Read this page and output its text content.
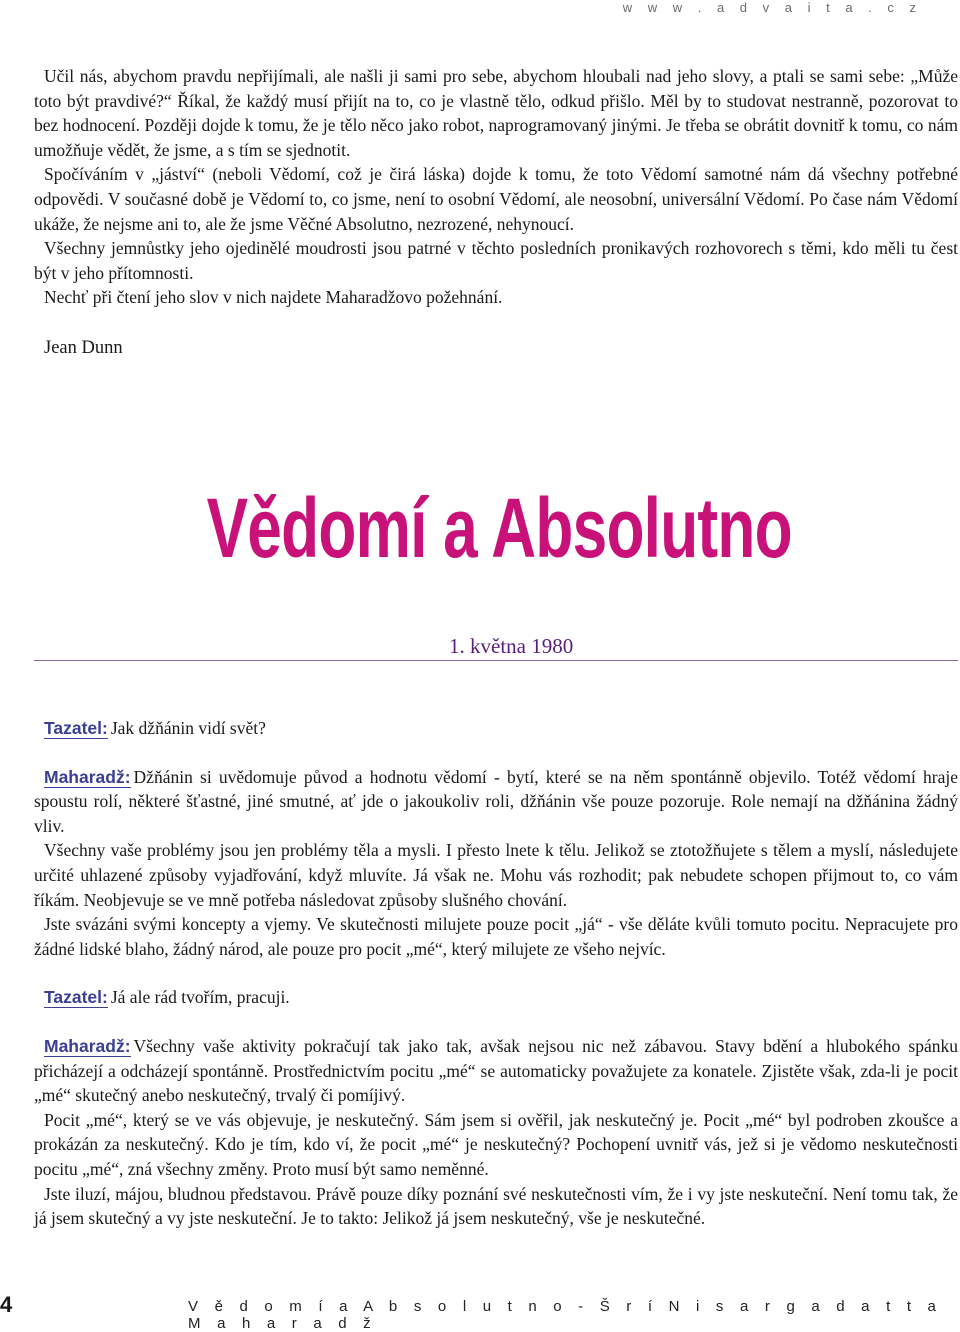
w w w . a d v a i t a . c z

Učil nás, abychom pravdu nepřijímali, ale našli ji sami pro sebe, abychom hloubali nad jeho slovy, a ptali se sami sebe: „Může toto být pravdivé?“ Říkal, že každý musí přijít na to, co je vlastně tělo, odkud přišlo. Měl by to studovat nestranně, pozorovat to bez hodnocení. Později dojde k tomu, že je tělo něco jako robot, naprogramovaný jinými. Je třeba se obrátit dovnitř k tomu, co nám umožňuje vědět, že jsme, a s tím se sjednotit.

Spočíváním v „jáství“ (neboli Vědomí, což je čirá láska) dojde k tomu, že toto Vědomí samotné nám dá všechny potřebné odpovědi. V současné době je Vědomí to, co jsme, není to osobní Vědomí, ale neosobní, universální Vědomí. Po čase nám Vědomí ukáže, že nejsme ani to, ale že jsme Věčné Absolutno, nezrozené, nehynoucí.

Všechny jemnůstky jeho ojedinělé moudrosti jsou patrné v těchto posledních pronikavých rozhovorech s těmi, kdo měli tu čest být v jeho přítomnosti.

Nechť při čtení jeho slov v nich najdete Maharadžovo požehnání.

Jean Dunn
Vědomí a Absolutno
1. května 1980

Tazatel: Jak džňánin vidí svět?

Maharadž: Džňánin si uvědomuje původ a hodnotu vědomí - bytí, které se na něm spontánně objevilo. Totéž vědomí hraje spoustu rolí, některé šťastné, jiné smutné, ať jde o jakoukoliv roli, džňánin vše pouze pozoruje. Role nemají na džňánina žádný vliv.

Všechny vaše problémy jsou jen problémy těla a mysli. I přesto lnete k tělu. Jelikož se ztotožňujete s tělem a myslí, následujete určité uhlazené způsoby vyjadřování, když mluvíte. Já však ne. Mohu vás rozhodit; pak nebudete schopen přijmout to, co vám říkám. Neobjevuje se ve mně potřeba následovat způsoby slušného chování.

Jste svázáni svými koncepty a vjemy. Ve skutečnosti milujete pouze pocit „já“ - vše děláte kvůli tomuto pocitu. Nepracujete pro žádné lidské blaho, žádný národ, ale pouze pro pocit „mé“, který milujete ze všeho nejvíc.

Tazatel: Já ale rád tvořím, pracuji.

Maharadž: Všechny vaše aktivity pokračují tak jako tak, avšak nejsou nic než zábavou. Stavy bdění a hlubokého spánku přicházejí a odcházejí spontánně. Prostřednictvím pocitu „mé“ se automaticky považujete za konatele. Zjistěte však, zda-li je pocit „mé“ skutečný anebo neskutečný, trvalý či pomíjivý.

Pocit „mé“, který se ve vás objevuje, je neskutečný. Sám jsem si ověřil, jak neskutečný je. Pocit „mé“ byl podroben zkoušce a prokázán za neskutečný. Kdo je tím, kdo ví, že pocit „mé“ je neskutečný? Pochopení uvnitř vás, jež si je vědomo neskutečnosti pocitu „mé“, zná všechny změny. Proto musí být samo neměnné.

Jste iluzí, májou, bludnou představou. Právě pouze díky poznání své neskutečnosti vím, že i vy jste neskuteční. Není tomu tak, že já jsem skutečný a vy jste neskuteční. Je to takto: Jelikož já jsem neskutečný, vše je neskutečné.

4	V ě d o m í a A b s o l u t n o - Š r í N i s a r g a d a t t a M a h a r a d ž
